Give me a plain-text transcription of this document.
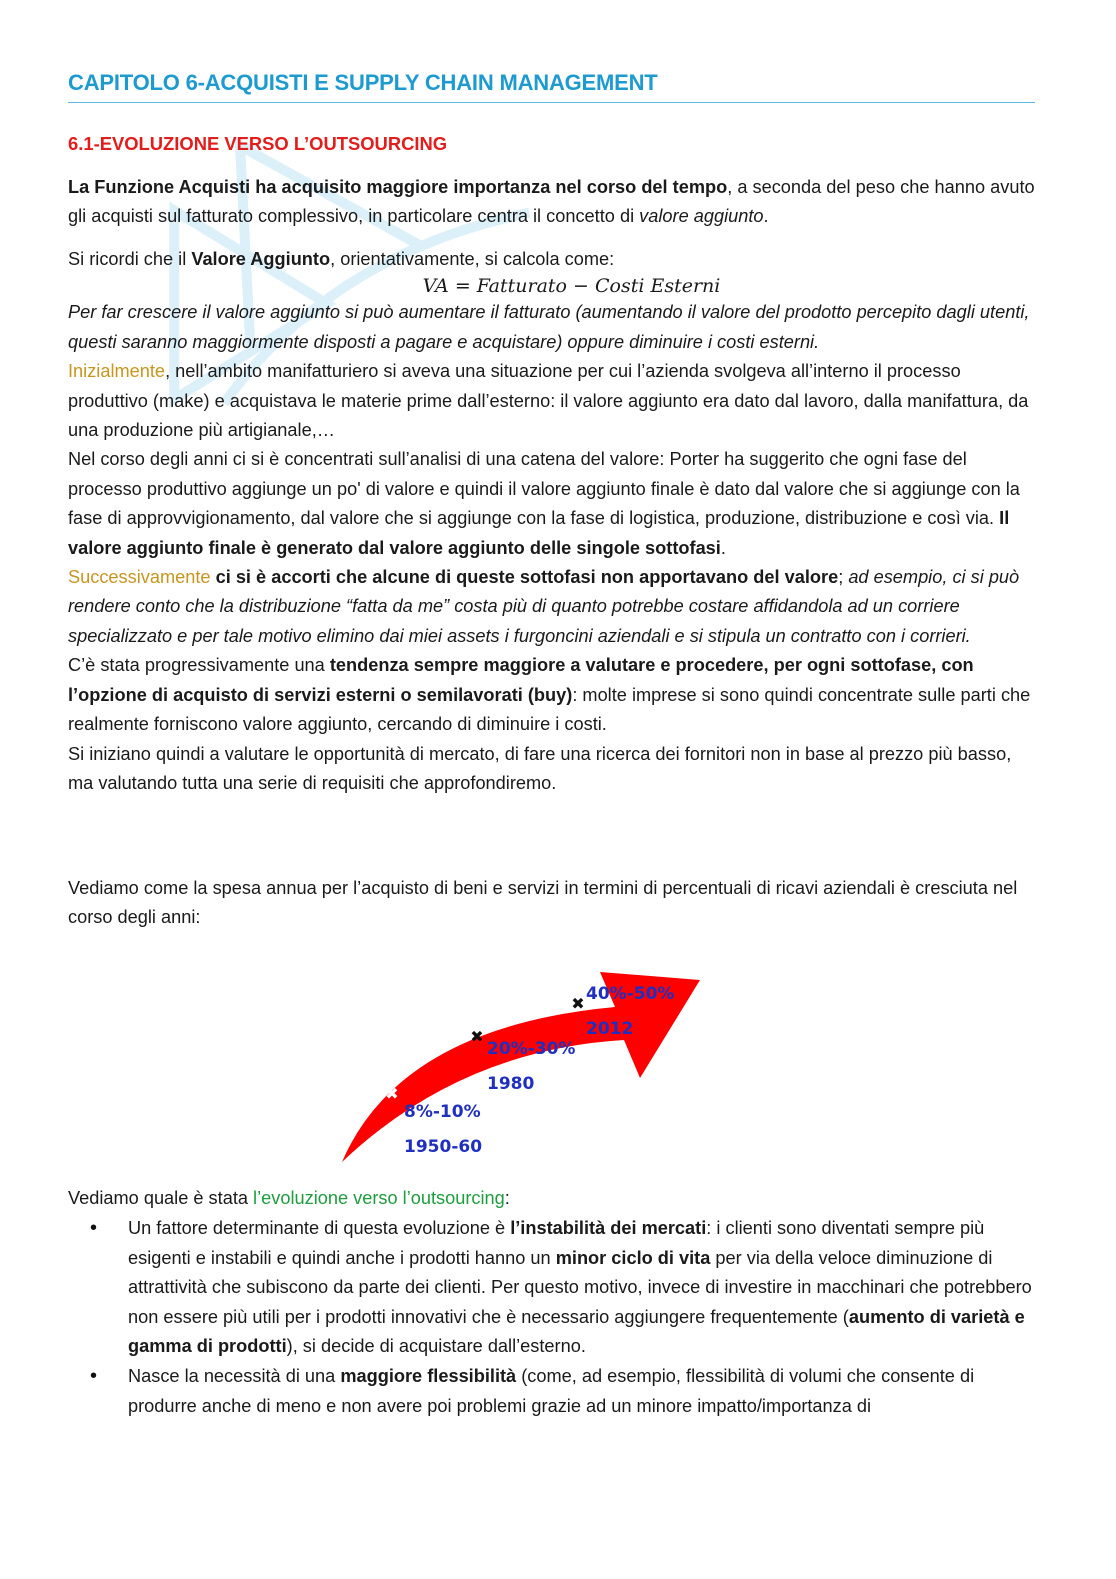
CAPITOLO 6-ACQUISTI E SUPPLY CHAIN MANAGEMENT
6.1-EVOLUZIONE VERSO L’OUTSOURCING

La Funzione Acquisti ha acquisito maggiore importanza nel corso del tempo, a seconda del peso che hanno avuto gli acquisti sul fatturato complessivo, in particolare centra il concetto di valore aggiunto.

Si ricordi che il Valore Aggiunto, orientativamente, si calcola come:

VA = Fatturato − Costi Esterni

Per far crescere il valore aggiunto si può aumentare il fatturato (aumentando il valore del prodotto percepito dagli utenti, questi saranno maggiormente disposti a pagare e acquistare) oppure diminuire i costi esterni.

Inizialmente, nell’ambito manifatturiero si aveva una situazione per cui l’azienda svolgeva all’interno il processo produttivo (make) e acquistava le materie prime dall’esterno: il valore aggiunto era dato dal lavoro, dalla manifattura, da una produzione più artigianale,…

Nel corso degli anni ci si è concentrati sull’analisi di una catena del valore: Porter ha suggerito che ogni fase del processo produttivo aggiunge un po' di valore e quindi il valore aggiunto finale è dato dal valore che si aggiunge con la fase di approvvigionamento, dal valore che si aggiunge con la fase di logistica, produzione, distribuzione e così via. Il valore aggiunto finale è generato dal valore aggiunto delle singole sottofasi.

Successivamente ci si è accorti che alcune di queste sottofasi non apportavano del valore; ad esempio, ci si può rendere conto che la distribuzione “fatta da me” costa più di quanto potrebbe costare affidandola ad un corriere specializzato e per tale motivo elimino dai miei assets i furgoncini aziendali e si stipula un contratto con i corrieri.

C’è stata progressivamente una tendenza sempre maggiore a valutare e procedere, per ogni sottofase, con l’opzione di acquisto di servizi esterni o semilavorati (buy): molte imprese si sono quindi concentrate sulle parti che realmente forniscono valore aggiunto, cercando di diminuire i costi.

Si iniziano quindi a valutare le opportunità di mercato, di fare una ricerca dei fornitori non in base al prezzo più basso, ma valutando tutta una serie di requisiti che approfondiremo.

Vediamo come la spesa annua per l’acquisto di beni e servizi in termini di percentuali di ricavi aziendali è cresciuta nel corso degli anni:

Vediamo quale è stata l’evoluzione verso l’outsourcing:

• Un fattore determinante di questa evoluzione è l’instabilità dei mercati: i clienti sono diventati sempre più esigenti e instabili e quindi anche i prodotti hanno un minor ciclo di vita per via della veloce diminuzione di attrattività che subiscono da parte dei clienti. Per questo motivo, invece di investire in macchinari che potrebbero non essere più utili per i prodotti innovativi che è necessario aggiungere frequentemente (aumento di varietà e gamma di prodotti), si decide di acquistare dall’esterno.
• Nasce la necessità di una maggiore flessibilità (come, ad esempio, flessibilità di volumi che consente di produrre anche di meno e non avere poi problemi grazie ad un minore impatto/importanza di
✖
8%-10%
1950-60
✖
20%-30%
1980
✖
40%-50%
2012
